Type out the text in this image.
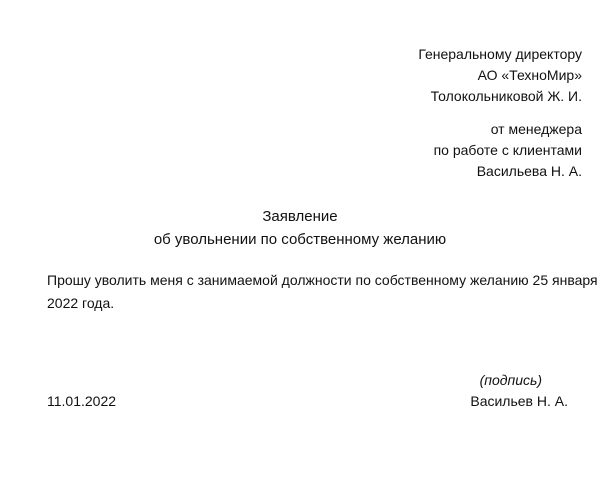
Генеральному директору
АО «ТехноМир»
Толокольниковой Ж. И.
от менеджера
по работе с клиентами
Васильева Н. А.
Заявление
об увольнении по собственному желанию
Прошу уволить меня с занимаемой должности по собственному желанию 25 января
2022 года.
(подпись)
11.01.2022	Васильев Н. А.
